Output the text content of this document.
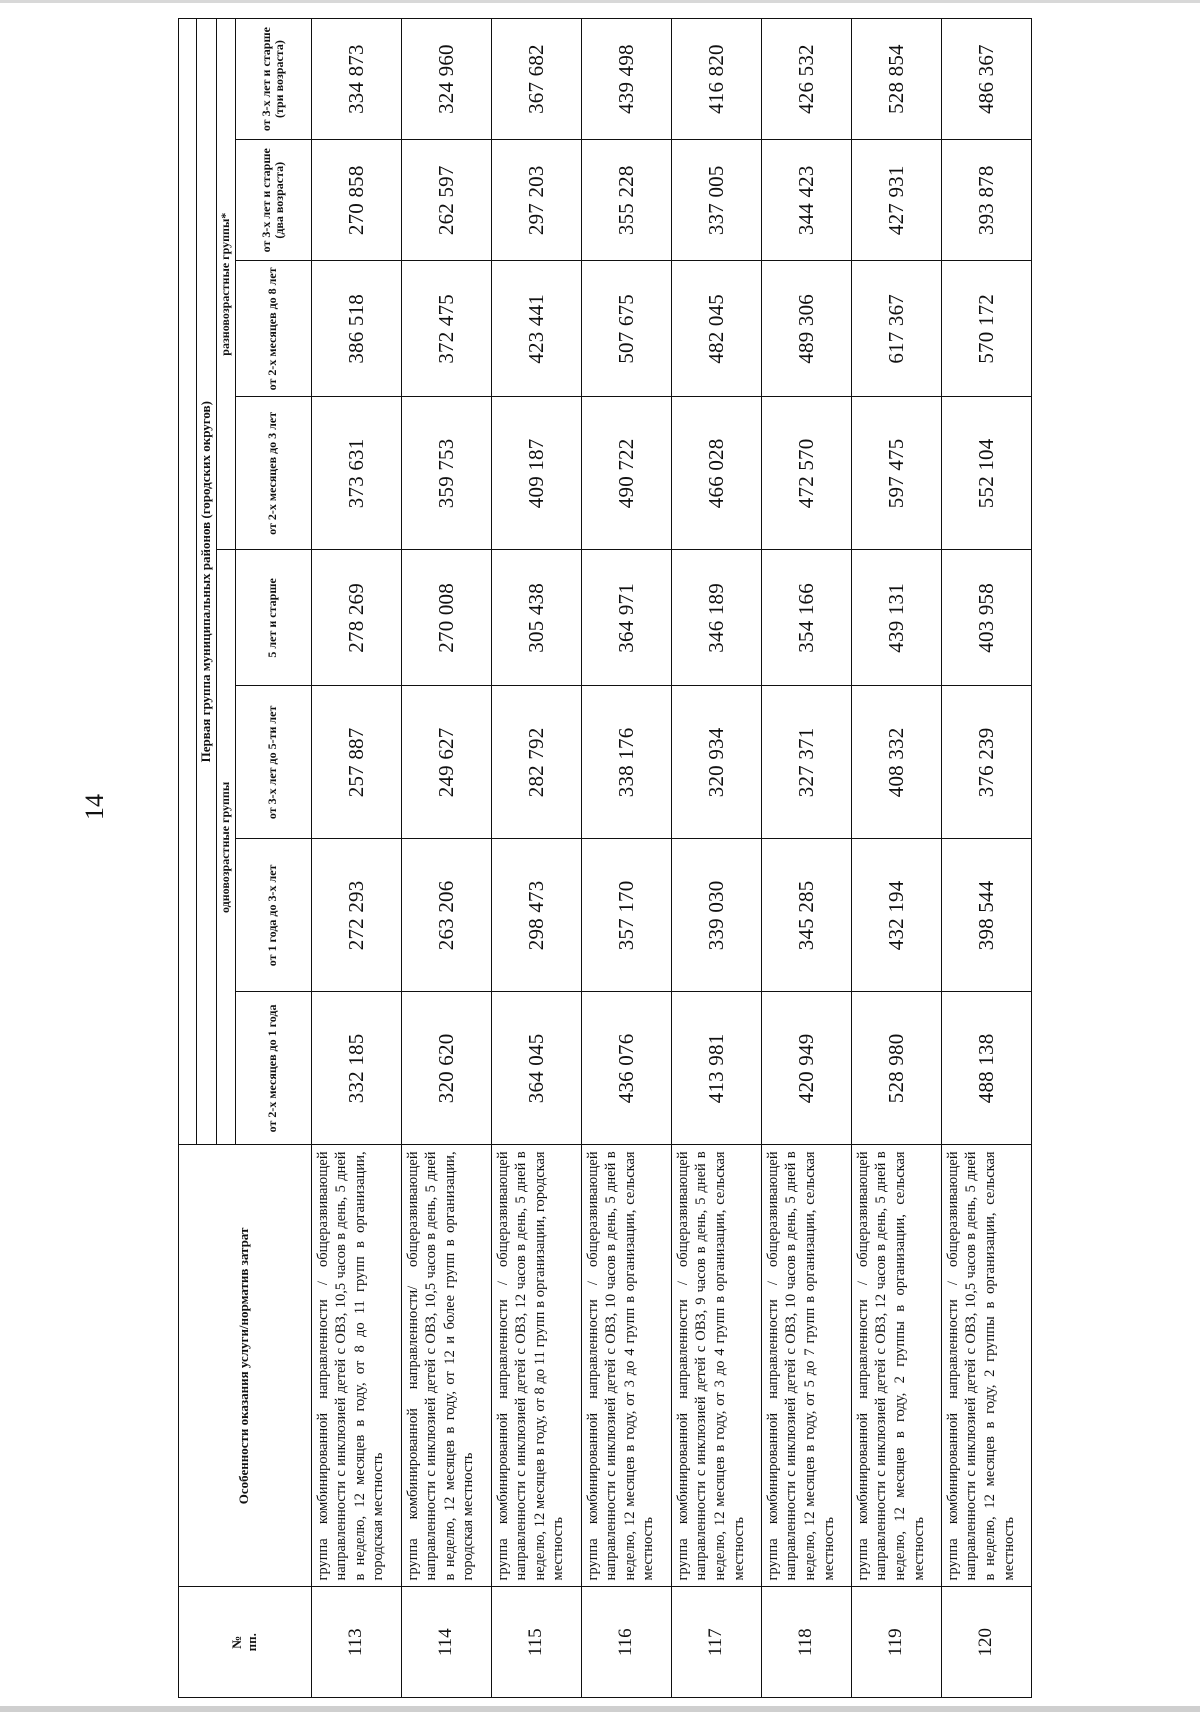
14
№
пп.	Особенности оказания услуги/норматив затрат								
		Первая группа муниципальных районов (городских округов)							
		одновозрастные группы				разновозрастные группы*			
		от 2-х месяцев до 1 года	от 1 года до 3-х лет	от 3-х лет до 5-ти лет	5 лет и старше	от 2-х месяцев до 3 лет	от 2-х месяцев до 8 лет	от 3-х лет и старше (два возраста)	от 3-х лет и старше (три возраста)
113	группа комбинированной направленности / общеразвивающей направленности с инклюзией детей с ОВЗ, 10,5 часов в день, 5 дней в неделю, 12 месяцев в году, от 8 до 11 групп в организации, городская местность	332 185	272 293	257 887	278 269	373 631	386 518	270 858	334 873
114	группа комбинированной направленности/ общеразвивающей направленности с инклюзией детей с ОВЗ, 10,5 часов в день, 5 дней в неделю, 12 месяцев в году, от 12 и более групп в организации, городская местность	320 620	263 206	249 627	270 008	359 753	372 475	262 597	324 960
115	группа комбинированной направленности / общеразвивающей направленности с инклюзией детей с ОВЗ, 12 часов в день, 5 дней в неделю, 12 месяцев в году, от 8 до 11 групп в организации, городская местность	364 045	298 473	282 792	305 438	409 187	423 441	297 203	367 682
116	группа комбинированной направленности / общеразвивающей направленности с инклюзией детей с ОВЗ, 10 часов в день, 5 дней в неделю, 12 месяцев в году, от 3 до 4 групп в организации, сельская местность	436 076	357 170	338 176	364 971	490 722	507 675	355 228	439 498
117	группа комбинированной направленности / общеразвивающей направленности с инклюзией детей с ОВЗ, 9 часов в день, 5 дней в неделю, 12 месяцев в году, от 3 до 4 групп в организации, сельская местность	413 981	339 030	320 934	346 189	466 028	482 045	337 005	416 820
118	группа комбинированной направленности / общеразвивающей направленности с инклюзией детей с ОВЗ, 10 часов в день, 5 дней в неделю, 12 месяцев в году, от 5 до 7 групп в организации, сельская местность	420 949	345 285	327 371	354 166	472 570	489 306	344 423	426 532
119	группа комбинированной направленности / общеразвивающей направленности с инклюзией детей с ОВЗ, 12 часов в день, 5 дней в неделю, 12 месяцев в году, 2 группы в организации, сельская местность	528 980	432 194	408 332	439 131	597 475	617 367	427 931	528 854
120	группа комбинированной направленности / общеразвивающей направленности с инклюзией детей с ОВЗ, 10,5 часов в день, 5 дней в неделю, 12 месяцев в году, 2 группы в организации, сельская местность	488 138	398 544	376 239	403 958	552 104	570 172	393 878	486 367
